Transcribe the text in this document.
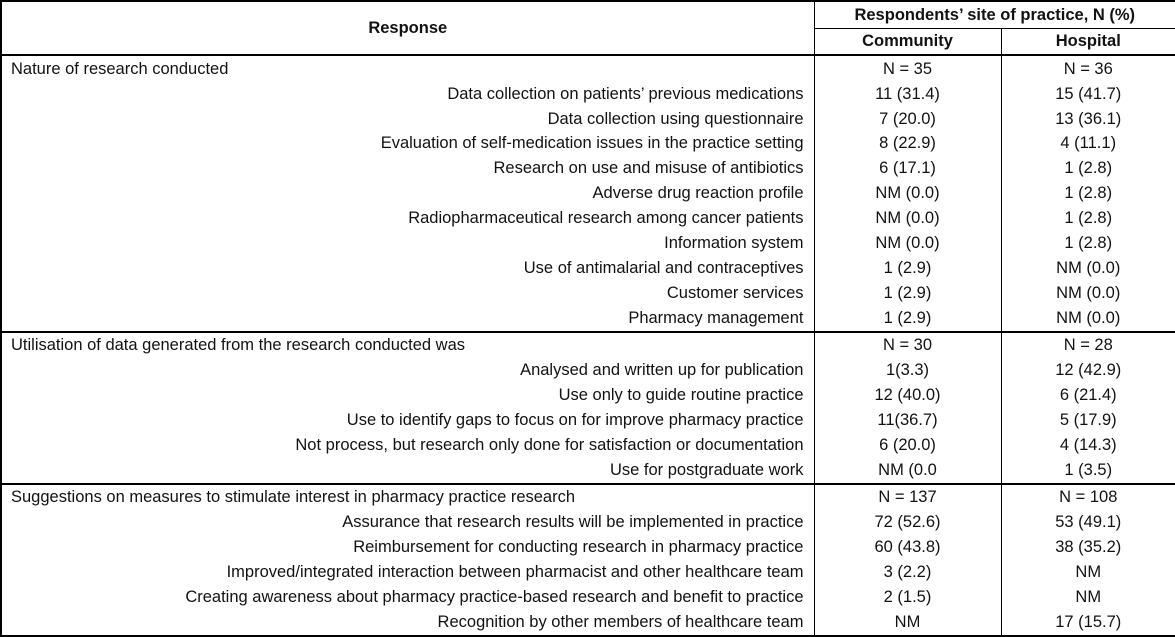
Response	Respondents’ site of practice, N (%)	
	Community	Hospital
Nature of research conducted	N = 35	N = 36
Data collection on patients’ previous medications	11 (31.4)	15 (41.7)
Data collection using questionnaire	7 (20.0)	13 (36.1)
Evaluation of self-medication issues in the practice setting	8 (22.9)	4 (11.1)
Research on use and misuse of antibiotics	6 (17.1)	1 (2.8)
Adverse drug reaction profile	NM (0.0)	1 (2.8)
Radiopharmaceutical research among cancer patients	NM (0.0)	1 (2.8)
Information system	NM (0.0)	1 (2.8)
Use of antimalarial and contraceptives	1 (2.9)	NM (0.0)
Customer services	1 (2.9)	NM (0.0)
Pharmacy management	1 (2.9)	NM (0.0)
Utilisation of data generated from the research conducted was	N = 30	N = 28
Analysed and written up for publication	1(3.3)	12 (42.9)
Use only to guide routine practice	12 (40.0)	6 (21.4)
Use to identify gaps to focus on for improve pharmacy practice	11(36.7)	5 (17.9)
Not process, but research only done for satisfaction or documentation	6 (20.0)	4 (14.3)
Use for postgraduate work	NM (0.0	1 (3.5)
Suggestions on measures to stimulate interest in pharmacy practice research	N = 137	N = 108
Assurance that research results will be implemented in practice	72 (52.6)	53 (49.1)
Reimbursement for conducting research in pharmacy practice	60 (43.8)	38 (35.2)
Improved/integrated interaction between pharmacist and other healthcare team	3 (2.2)	NM
Creating awareness about pharmacy practice-based research and benefit to practice	2 (1.5)	NM
Recognition by other members of healthcare team	NM	17 (15.7)
